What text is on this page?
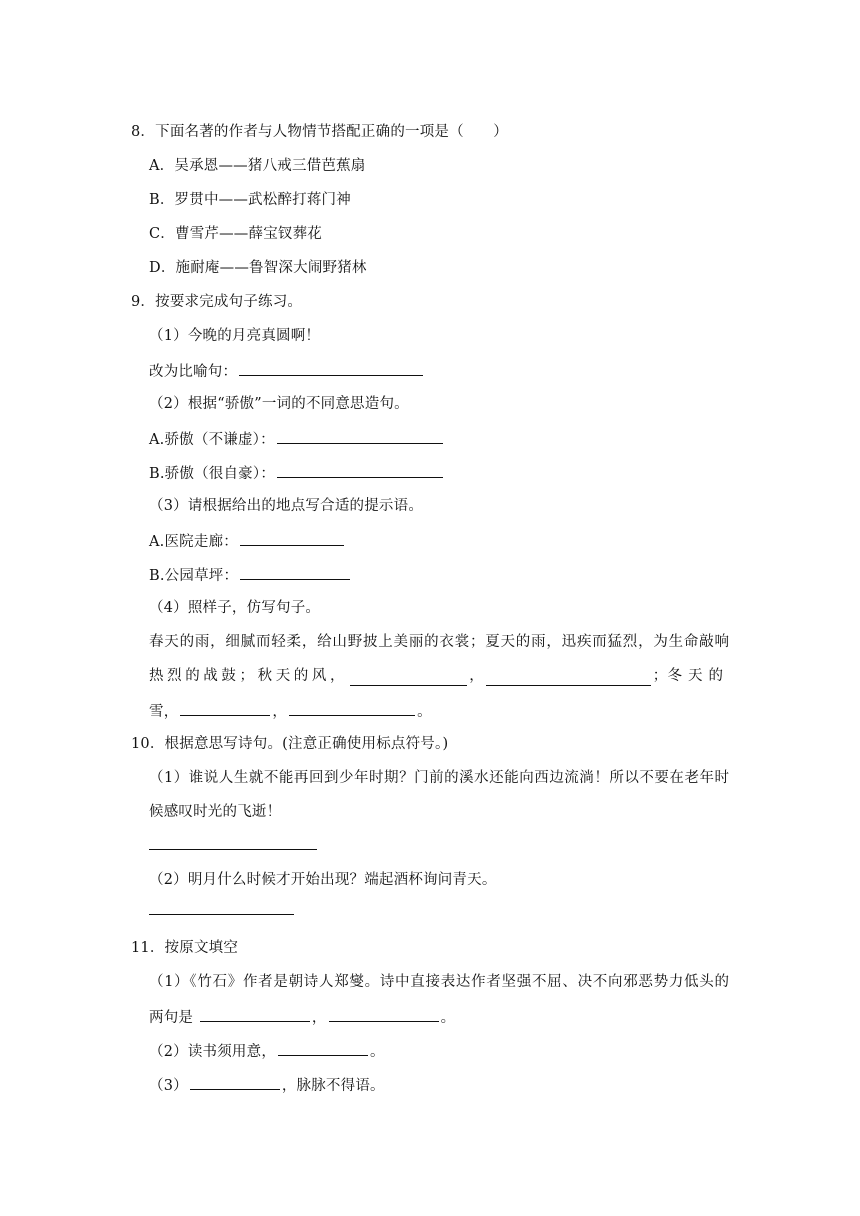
8．下面名著的作者与人物情节搭配正确的一项是（　　）
A．吴承恩——猪八戒三借芭蕉扇
B．罗贯中——武松醉打蒋门神
C．曹雪芹——薛宝钗葬花
D．施耐庵——鲁智深大闹野猪林
9．按要求完成句子练习。
（1）今晚的月亮真圆啊！
改为比喻句：
（2）根据“骄傲”一词的不同意思造句。
A.骄傲（不谦虚）：
B.骄傲（很自豪）：
（3）请根据给出的地点写合适的提示语。
A.医院走廊：
B.公园草坪：
（4）照样子，仿写句子。
春天的雨，细腻而轻柔，给山野披上美丽的衣裳；夏天的雨，迅疾而猛烈，为生命敲响
热烈的战鼓；秋天的风，	，	； 冬天的
雪，	，	。
10．根据意思写诗句。(注意正确使用标点符号。)
（1）谁说人生就不能再回到少年时期？门前的溪水还能向西边流淌！所以不要在老年时
候感叹时光的飞逝！
（2）明月什么时候才开始出现？端起酒杯询问青天。
11．按原文填空
（1）《竹石》作者是朝诗人郑燮。诗中直接表达作者坚强不屈、决不向邪恶势力低头的
两句是	，	。
（2）读书须用意，	。
（3）	，脉脉不得语。
